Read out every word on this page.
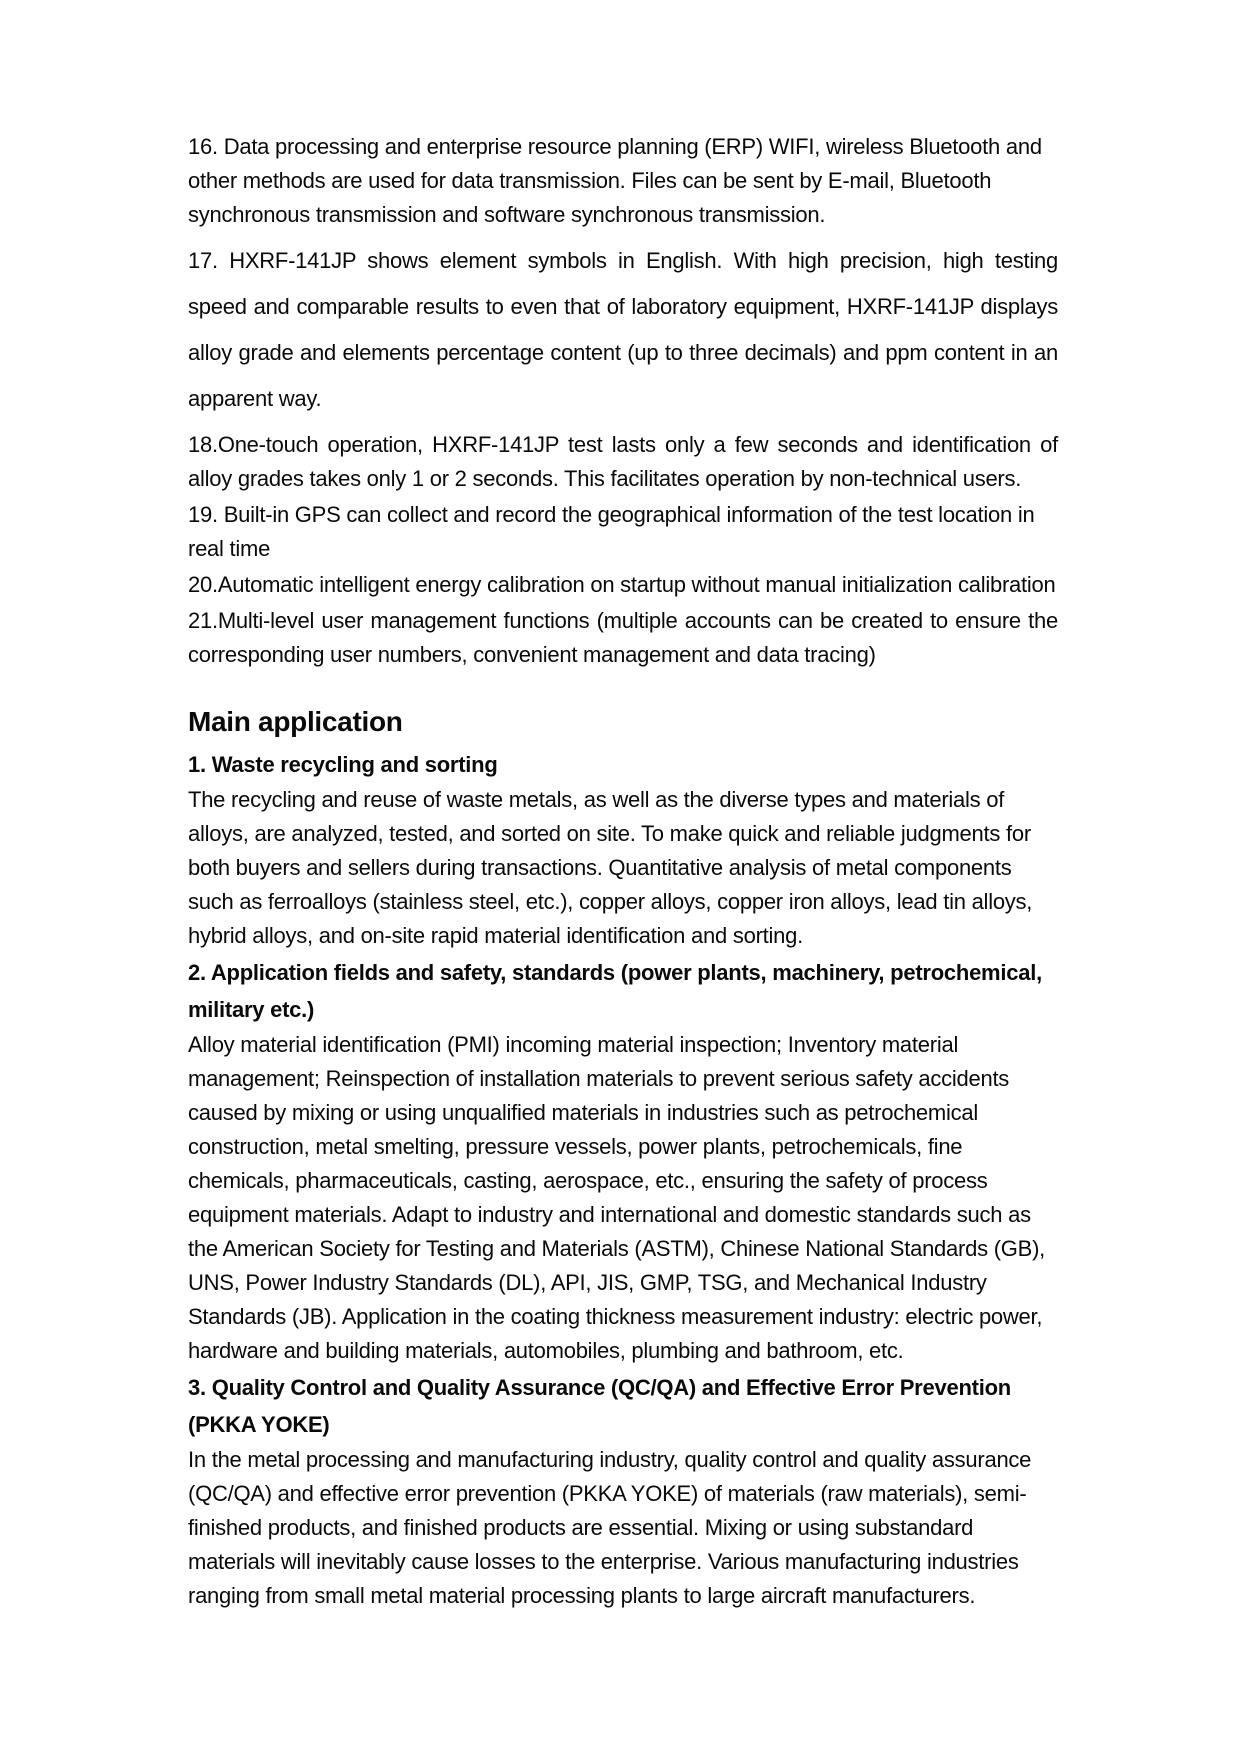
16. Data processing and enterprise resource planning (ERP) WIFI, wireless Bluetooth and other methods are used for data transmission. Files can be sent by E-mail, Bluetooth synchronous transmission and software synchronous transmission.

17. HXRF-141JP shows element symbols in English. With high precision, high testing speed and comparable results to even that of laboratory equipment, HXRF-141JP displays alloy grade and elements percentage content (up to three decimals) and ppm content in an apparent way.

18.One-touch operation, HXRF-141JP test lasts only a few seconds and identification of alloy grades takes only 1 or 2 seconds. This facilitates operation by non-technical users.

19. Built-in GPS can collect and record the geographical information of the test location in real time

20.Automatic intelligent energy calibration on startup without manual initialization calibration

21.Multi-level user management functions (multiple accounts can be created to ensure the corresponding user numbers, convenient management and data tracing)

Main application

1. Waste recycling and sorting

The recycling and reuse of waste metals, as well as the diverse types and materials of alloys, are analyzed, tested, and sorted on site. To make quick and reliable judgments for both buyers and sellers during transactions. Quantitative analysis of metal components such as ferroalloys (stainless steel, etc.), copper alloys, copper iron alloys, lead tin alloys, hybrid alloys, and on-site rapid material identification and sorting.

2. Application fields and safety, standards (power plants, machinery, petrochemical, military etc.)

Alloy material identification (PMI) incoming material inspection; Inventory material management; Reinspection of installation materials to prevent serious safety accidents caused by mixing or using unqualified materials in industries such as petrochemical construction, metal smelting, pressure vessels, power plants, petrochemicals, fine chemicals, pharmaceuticals, casting, aerospace, etc., ensuring the safety of process equipment materials. Adapt to industry and international and domestic standards such as the American Society for Testing and Materials (ASTM), Chinese National Standards (GB), UNS, Power Industry Standards (DL), API, JIS, GMP, TSG, and Mechanical Industry Standards (JB). Application in the coating thickness measurement industry: electric power, hardware and building materials, automobiles, plumbing and bathroom, etc.

3. Quality Control and Quality Assurance (QC/QA) and Effective Error Prevention (PKKA YOKE)

In the metal processing and manufacturing industry, quality control and quality assurance (QC/QA) and effective error prevention (PKKA YOKE) of materials (raw materials), semi-finished products, and finished products are essential. Mixing or using substandard materials will inevitably cause losses to the enterprise. Various manufacturing industries ranging from small metal material processing plants to large aircraft manufacturers.
